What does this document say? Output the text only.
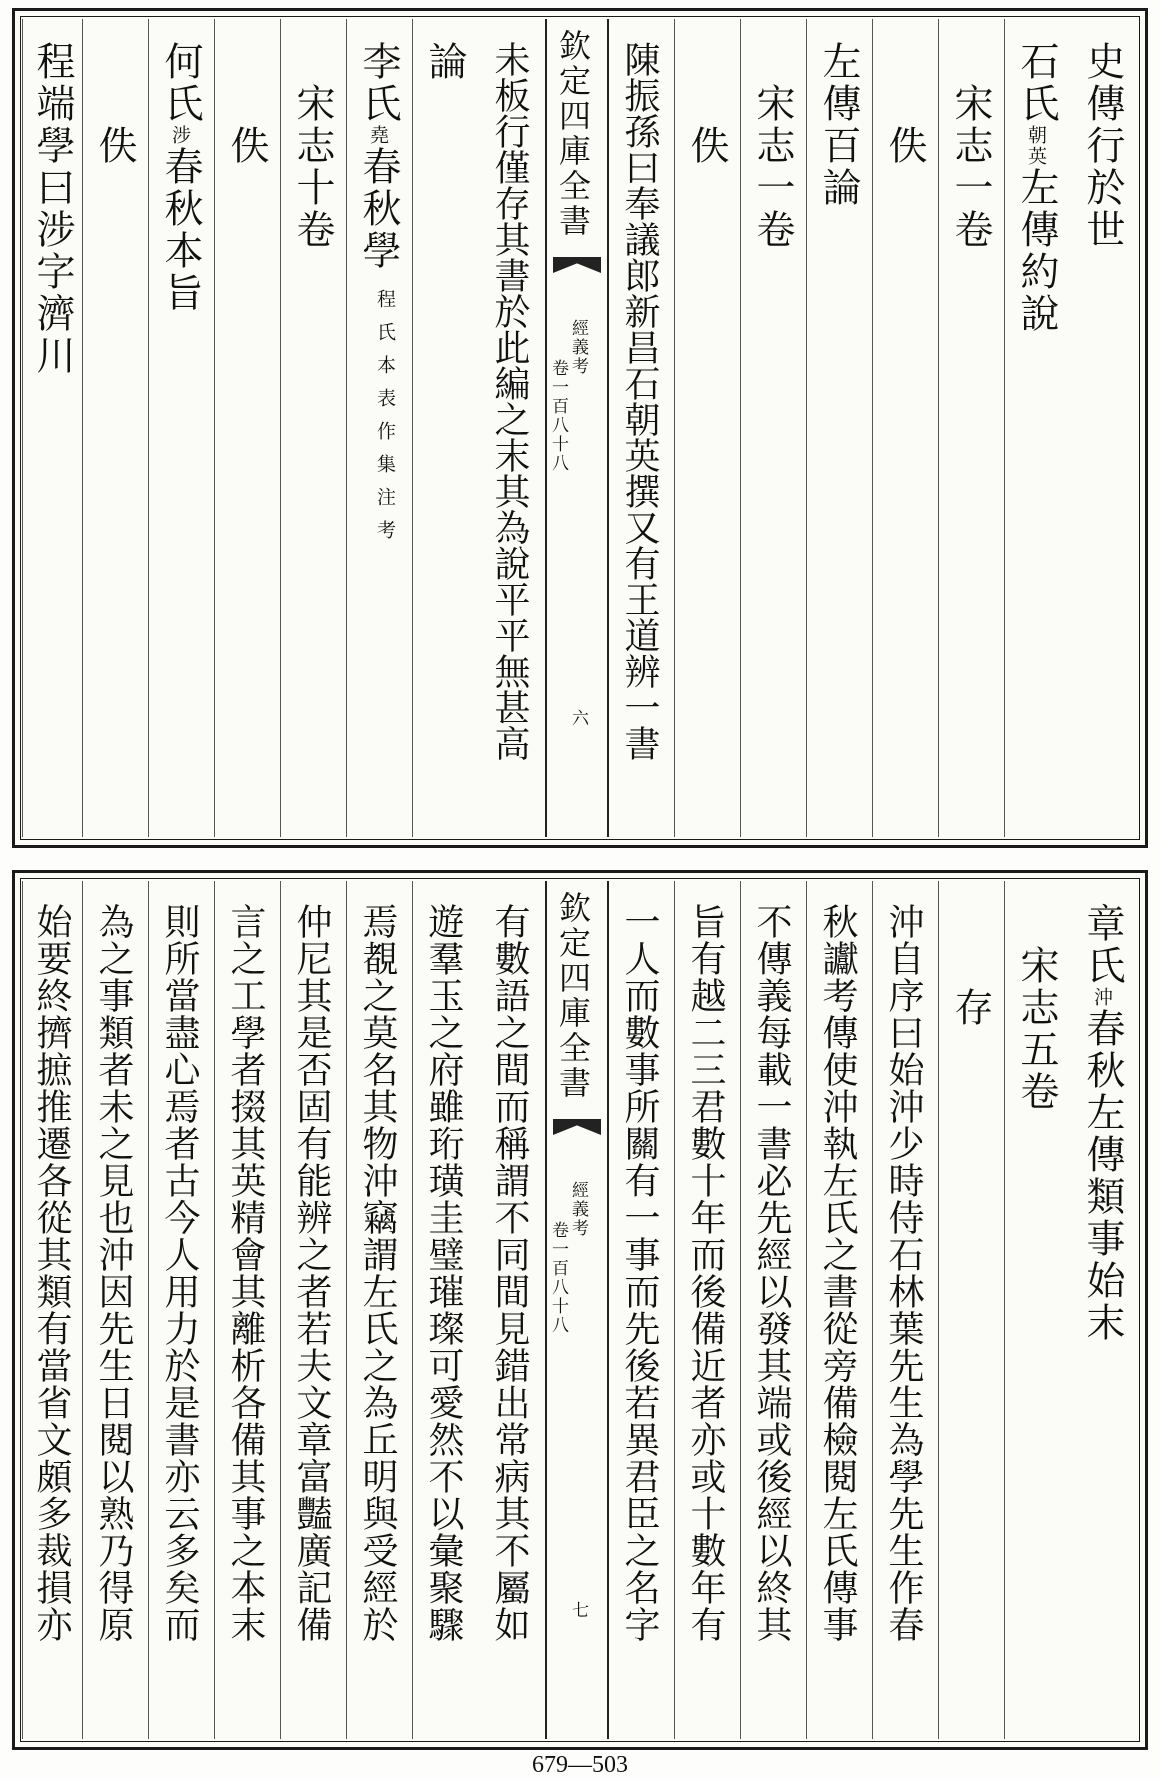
史傳行於世
石氏朝英左傳約說
　宋志一卷
　　佚
左傳百論
　宋志一卷
　　佚
陳振孫曰奉議郎新昌石朝英撰又有王道辨一書
欽定四庫全書
經義考
卷一百八十八
六
未板行僅存其書於此編之末其為說平平無甚高
論
李氏堯春秋學
程氏本表作集注考
　宋志十卷
　　佚
何氏涉春秋本旨
　　佚
程端學曰涉字濟川
章氏沖春秋左傳類事始末
　宋志五卷
　　存
沖自序曰始沖少時侍石林葉先生為學先生作春
秋讞考傳使沖執左氏之書從旁備檢閱左氏傳事
不傳義每載一書必先經以發其端或後經以終其
旨有越二三君數十年而後備近者亦或十數年有
一人而數事所關有一事而先後若異君臣之名字
欽定四庫全書
經義考
卷一百八十八
七
有數語之間而稱謂不同間見錯出常病其不屬如
遊羣玉之府雖珩璜圭璧璀璨可愛然不以彙聚驟
焉覩之莫名其物沖竊謂左氏之為丘明與受經於
仲尼其是否固有能辨之者若夫文章富豔廣記備
言之工學者掇其英精會其離析各備其事之本末
則所當盡心焉者古今人用力於是書亦云多矣而
為之事類者未之見也沖因先生日閱以熟乃得原
始要終擠摭推遷各從其類有當省文頗多裁損亦
679—503
